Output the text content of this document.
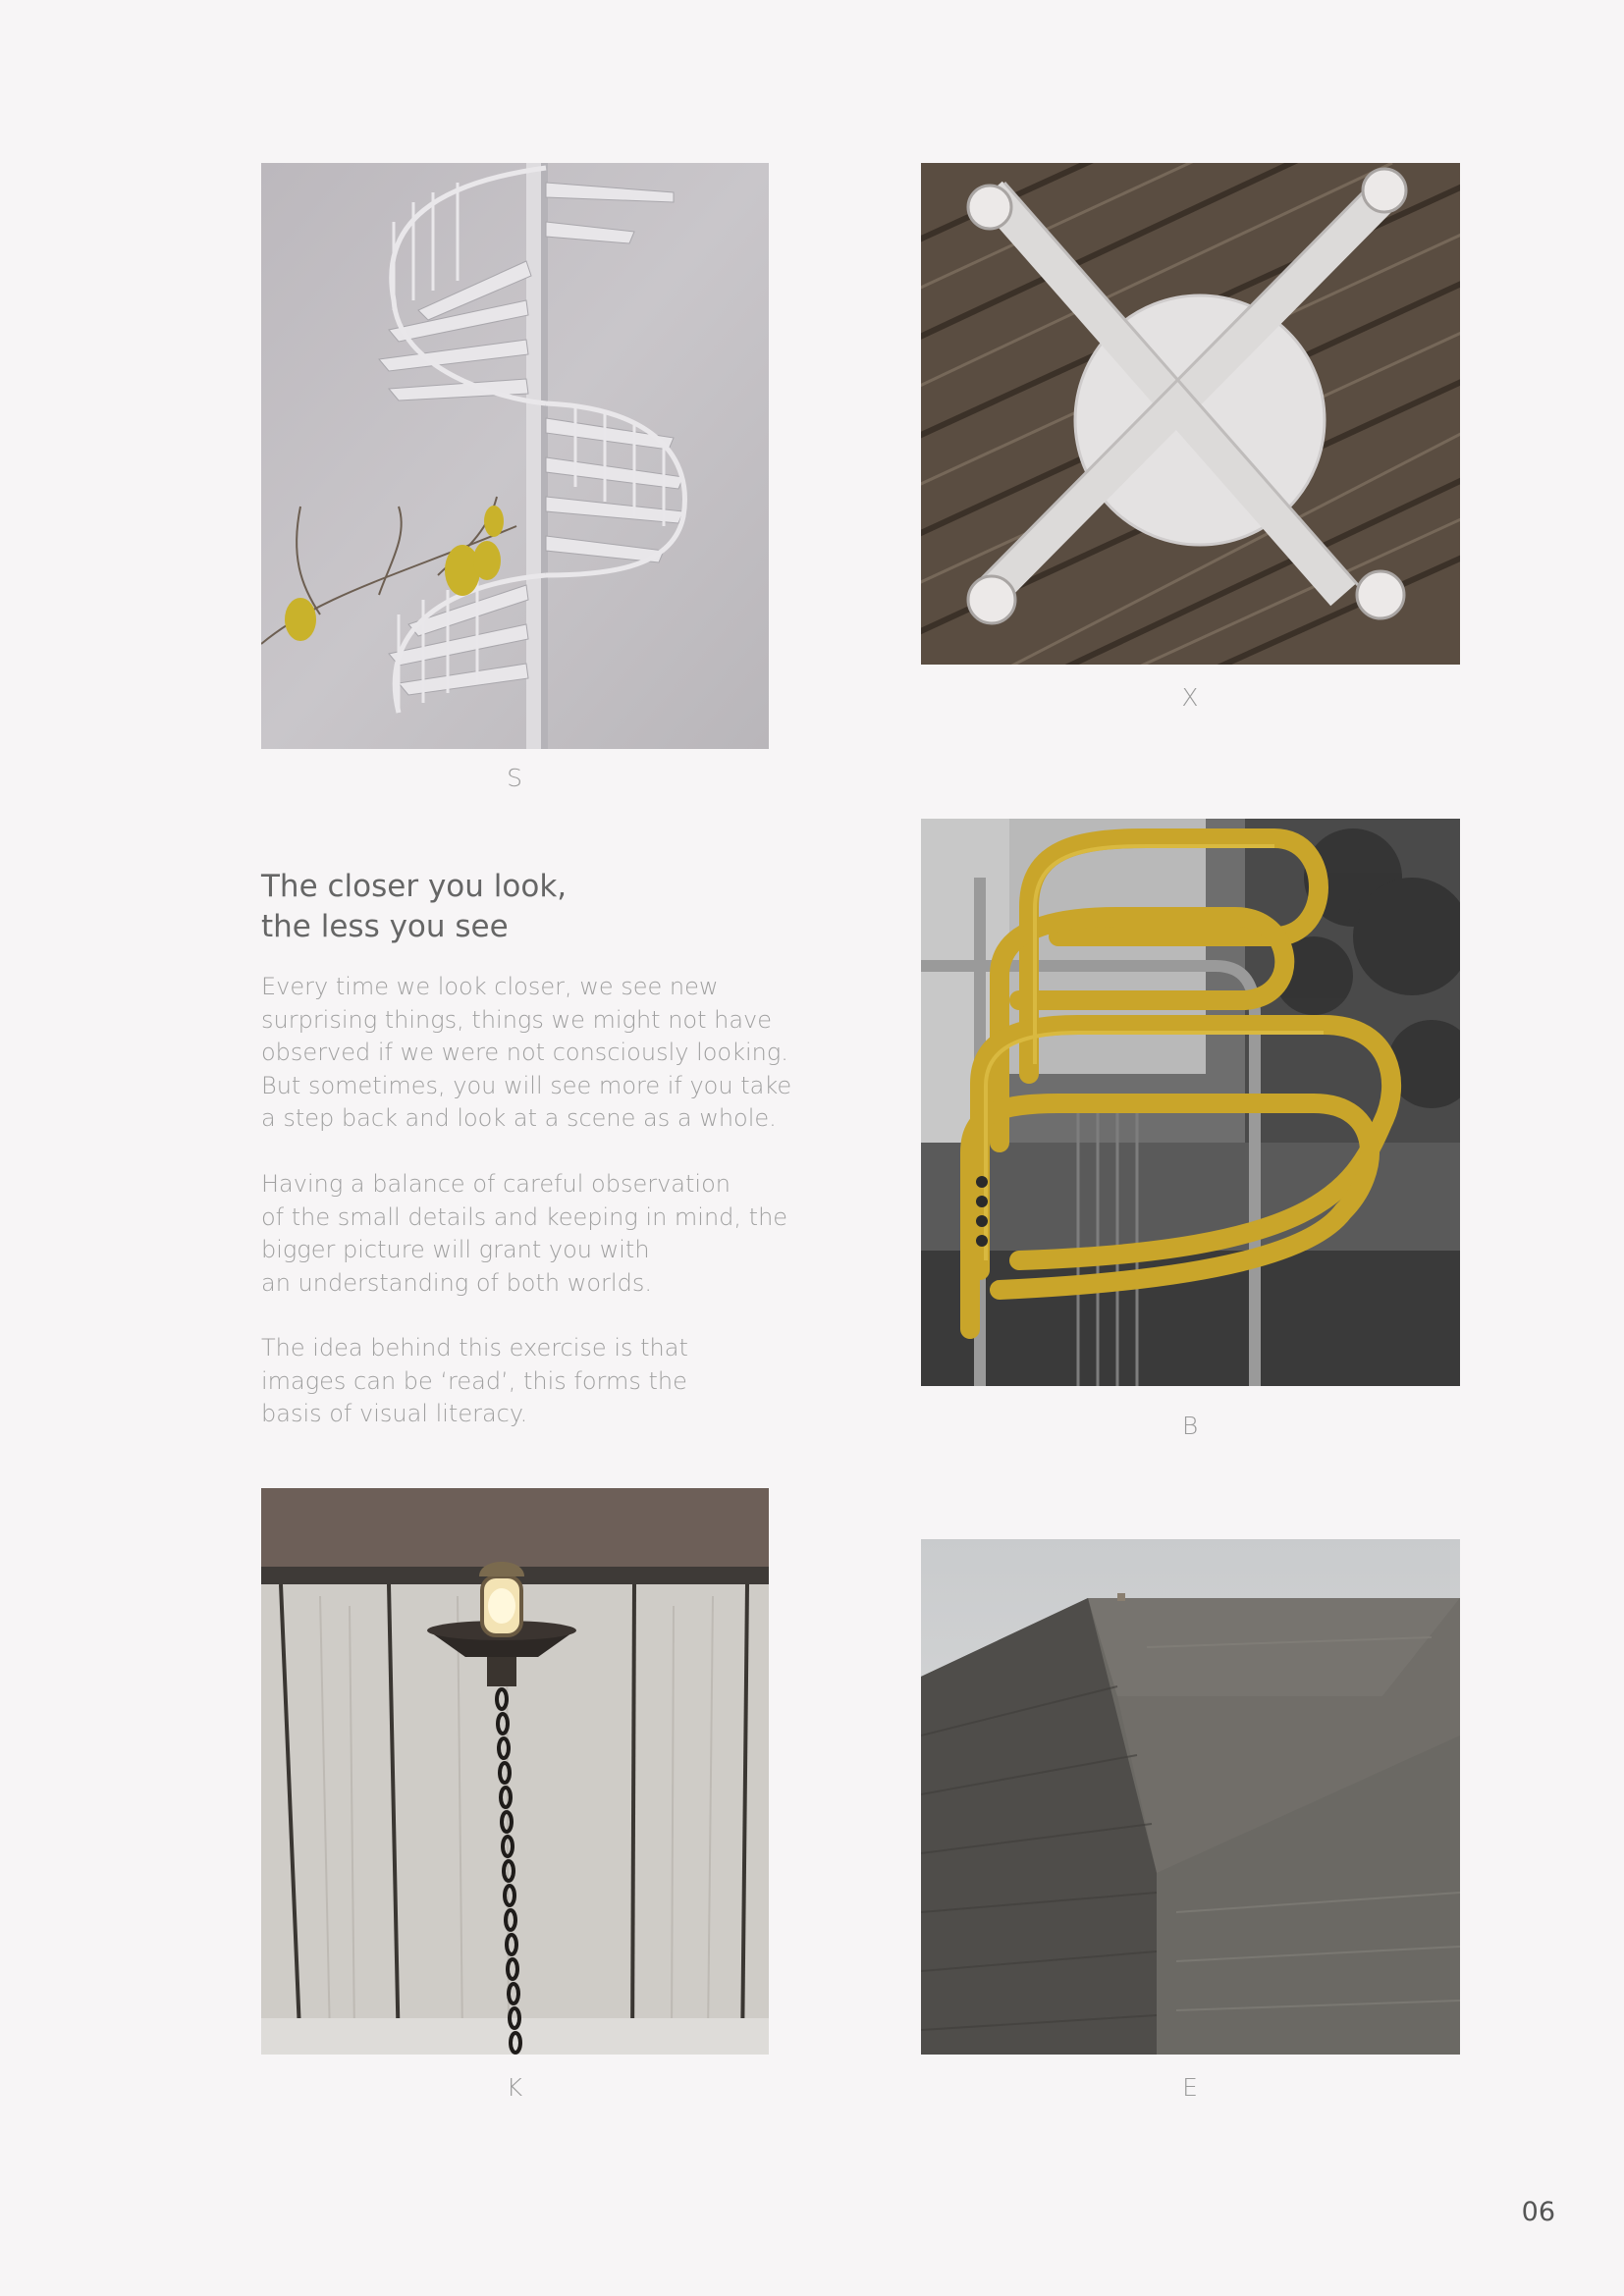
S
X
The closer you look,
the less you see

Every time we look closer, we see new
surprising things, things we might not have
observed if we were not consciously looking.
But sometimes, you will see more if you take
a step back and look at a scene as a whole.

Having a balance of careful observation
of the small details and keeping in mind, the
bigger picture will grant you with
an understanding of both worlds.

The idea behind this exercise is that
images can be ‘read’, this forms the
basis of visual literacy.	B
K	E
06
